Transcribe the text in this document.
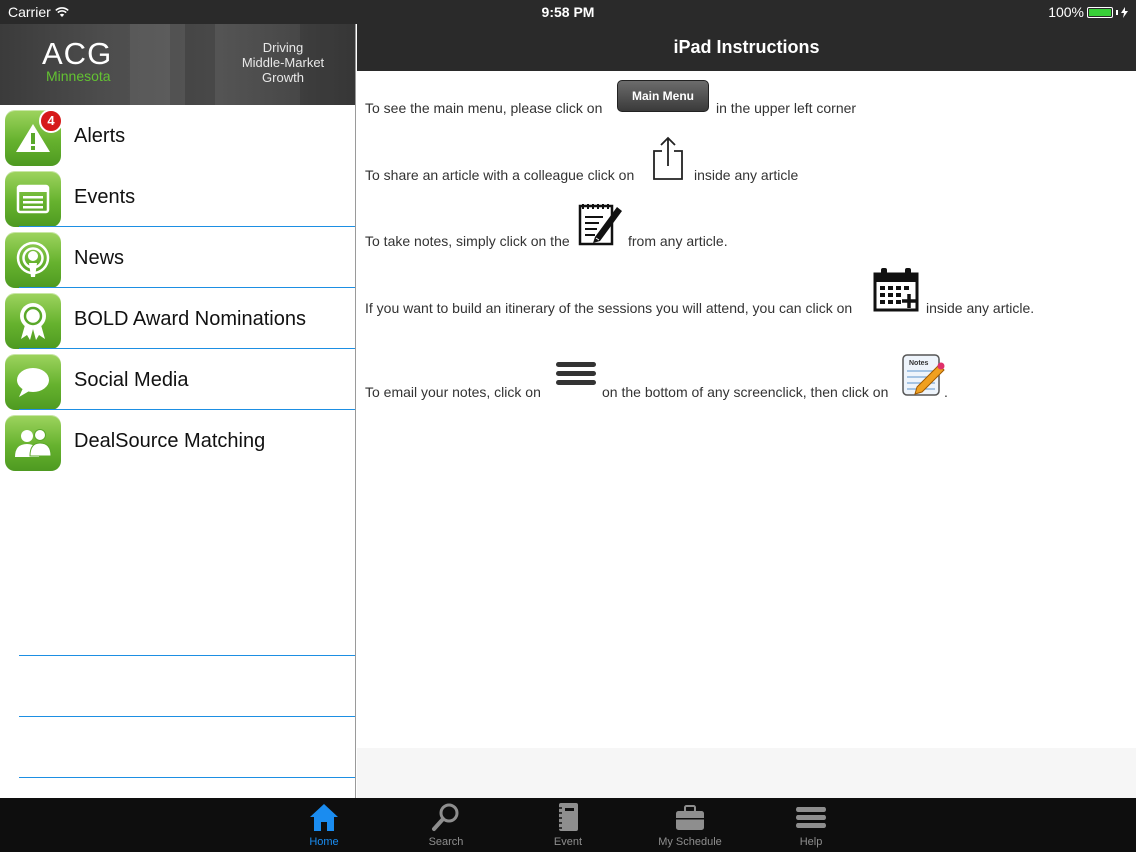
Carrier	9:58 PM	100%
ACG
Minnesota
Driving
Middle-Market
Growth
4
Alerts
Events
News
BOLD Award Nominations
Social Media
DealSource Matching
iPad Instructions
To see the main menu, please click on
Main Menu
in the upper left corner
To share an article with a colleague click on	inside any article
To take notes, simply click on the	from any article.
If you want to build an itinerary of the sessions you will attend, you can click on	inside any article.
To email your notes, click on	on the bottom of any screenclick, then click on
Notes
.
Home	Search	Event	My Schedule	Help
